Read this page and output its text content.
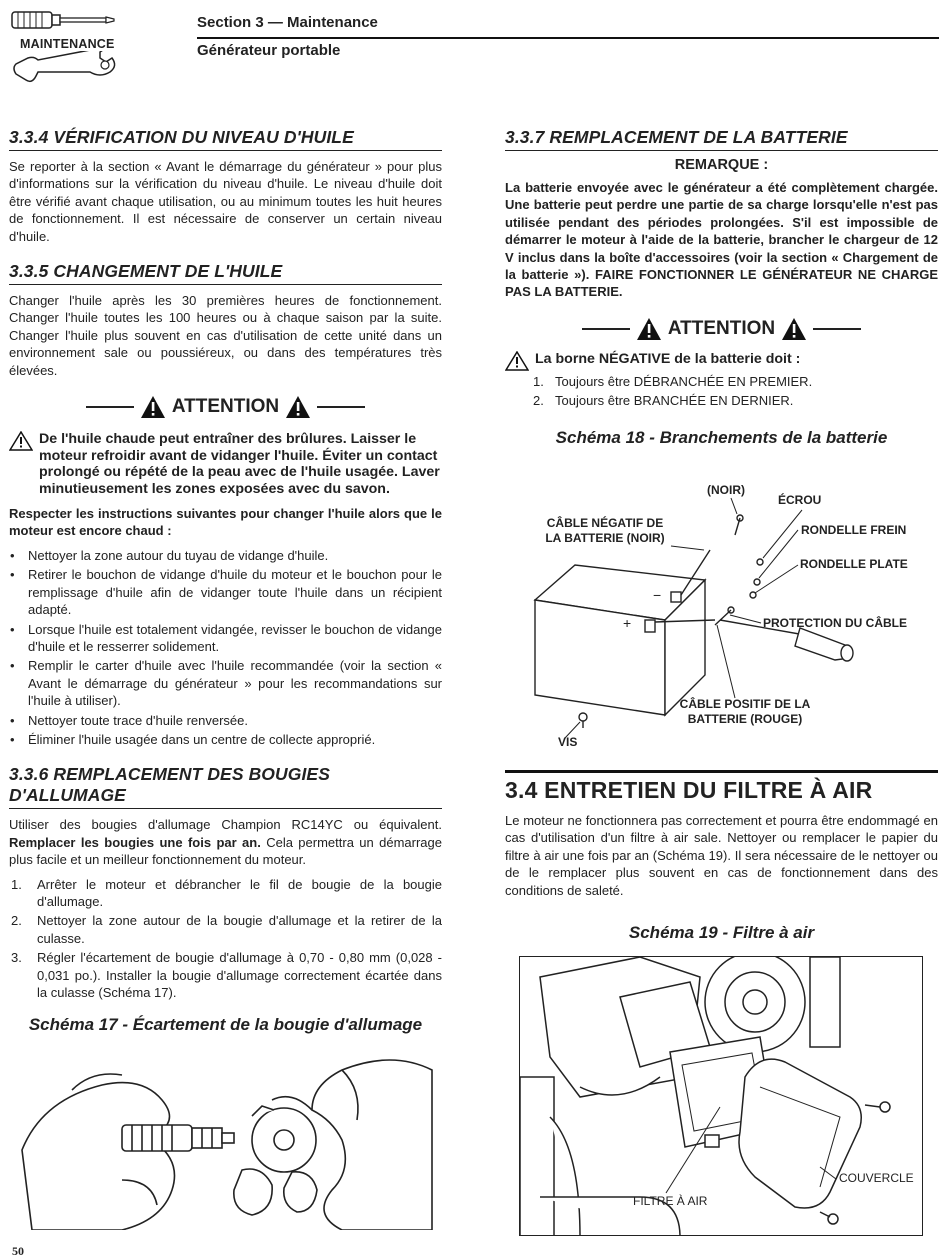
MAINTENANCE
Section 3 — Maintenance
Générateur portable
3.3.4 VÉRIFICATION DU NIVEAU D'HUILE

Se reporter à la section « Avant le démarrage du générateur » pour plus d'informations sur la vérification du niveau d'huile. Le niveau d'huile doit être vérifié avant chaque utilisation, ou au minimum toutes les huit heures de fonctionnement. Il est nécessaire de conserver un certain niveau d'huile.

3.3.5 CHANGEMENT DE L'HUILE

Changer l'huile après les 30 premières heures de fonctionnement. Changer l'huile toutes les 100 heures ou à chaque saison par la suite. Changer l'huile plus souvent en cas d'utilisation de cette unité dans un environnement sale ou poussiéreux, ou dans des températures très élevées.

ATTENTION
De l'huile chaude peut entraîner des brûlures. Laisser le moteur refroidir avant de vidanger l'huile. Éviter un contact prolongé ou répété de la peau avec de l'huile usagée. Laver minutieusement les zones exposées avec du savon.

Respecter les instructions suivantes pour changer l'huile alors que le moteur est encore chaud :

• Nettoyer la zone autour du tuyau de vidange d'huile.
• Retirer le bouchon de vidange d'huile du moteur et le bouchon pour le remplissage d'huile afin de vidanger toute l'huile dans un récipient adapté.
• Lorsque l'huile est totalement vidangée, revisser le bouchon de vidange d'huile et le resserrer solidement.
• Remplir le carter d'huile avec l'huile recommandée (voir la section « Avant le démarrage du générateur » pour les recommandations sur l'huile à utiliser).
• Nettoyer toute trace d'huile renversée.
• Éliminer l'huile usagée dans un centre de collecte approprié.
3.3.6 REMPLACEMENT DES BOUGIES D'ALLUMAGE

Utiliser des bougies d'allumage Champion RC14YC ou équivalent. Remplacer les bougies une fois par an. Cela permettra un démarrage plus facile et un meilleur fonctionnement du moteur.

1. Arrêter le moteur et débrancher le fil de bougie de la bougie d'allumage.
2. Nettoyer la zone autour de la bougie d'allumage et la retirer de la culasse.
3. Régler l'écartement de bougie d'allumage à 0,70 - 0,80 mm (0,028 - 0,031 po.). Installer la bougie d'allumage correctement écartée dans la culasse (Schéma 17).
Schéma 17 - Écartement de la bougie d'allumage
3.3.7 REMPLACEMENT DE LA BATTERIE
REMARQUE :

La batterie envoyée avec le générateur a été complètement chargée. Une batterie peut perdre une partie de sa charge lorsqu'elle n'est pas utilisée pendant des périodes prolongées. S'il est impossible de démarrer le moteur à l'aide de la batterie, brancher le chargeur de 12 V inclus dans la boîte d'accessoires (voir la section « Chargement de la batterie »). FAIRE FONCTIONNER LE GÉNÉRATEUR NE CHARGE PAS LA BATTERIE.

ATTENTION
La borne NÉGATIVE de la batterie doit :
1. Toujours être DÉBRANCHÉE EN PREMIER.
2. Toujours être BRANCHÉE EN DERNIER.
Schéma 18 - Branchements de la batterie
(NOIR)
ÉCROU
CÂBLE NÉGATIF DE LA BATTERIE (NOIR)
RONDELLE FREIN
RONDELLE PLATE
PROTECTION DU CÂBLE
CÂBLE POSITIF DE LA BATTERIE (ROUGE)
VIS
−
+
3.4 ENTRETIEN DU FILTRE À AIR

Le moteur ne fonctionnera pas correctement et pourra être endommagé en cas d'utilisation d'un filtre à air sale. Nettoyer ou remplacer le papier du filtre à air une fois par an (Schéma 19). Il sera nécessaire de le nettoyer ou de le remplacer plus souvent en cas de fonctionnement dans des conditions de saleté.

Schéma 19 - Filtre à air
COUVERCLE
FILTRE À AIR
50
